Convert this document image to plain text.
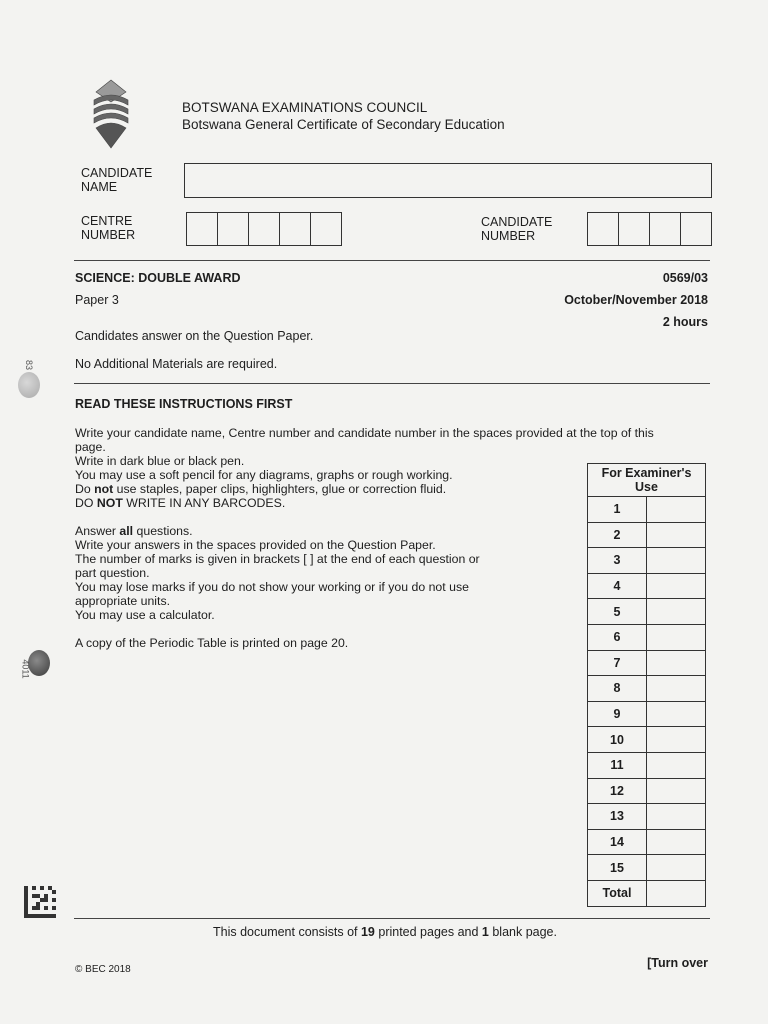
BOTSWANA EXAMINATIONS COUNCIL
Botswana General Certificate of Secondary Education
CANDIDATE
NAME
CENTRE
NUMBER
CANDIDATE
NUMBER
SCIENCE: DOUBLE AWARD	0569/03
Paper 3	October/November 2018
2 hours
Candidates answer on the Question Paper.
No Additional Materials are required.
READ THESE INSTRUCTIONS FIRST
Write your candidate name, Centre number and candidate number in the spaces provided at the top of this
page.
Write in dark blue or black pen.
You may use a soft pencil for any diagrams, graphs or rough working.
Do not use staples, paper clips, highlighters, glue or correction fluid.
DO NOT WRITE IN ANY BARCODES.
Answer all questions.
Write your answers in the spaces provided on the Question Paper.
The number of marks is given in brackets [ ] at the end of each question or
part question.
You may lose marks if you do not show your working or if you do not use
appropriate units.
You may use a calculator.
A copy of the Periodic Table is printed on page 20.
For Examiner's
Use	

1	
2	
3	
4	
5	
6	
7	
8	
9	
10	
11	
12	
13	
14	
15	
Total	
This document consists of 19 printed pages and 1 blank page.
© BEC 2018	[Turn over
83
4011
